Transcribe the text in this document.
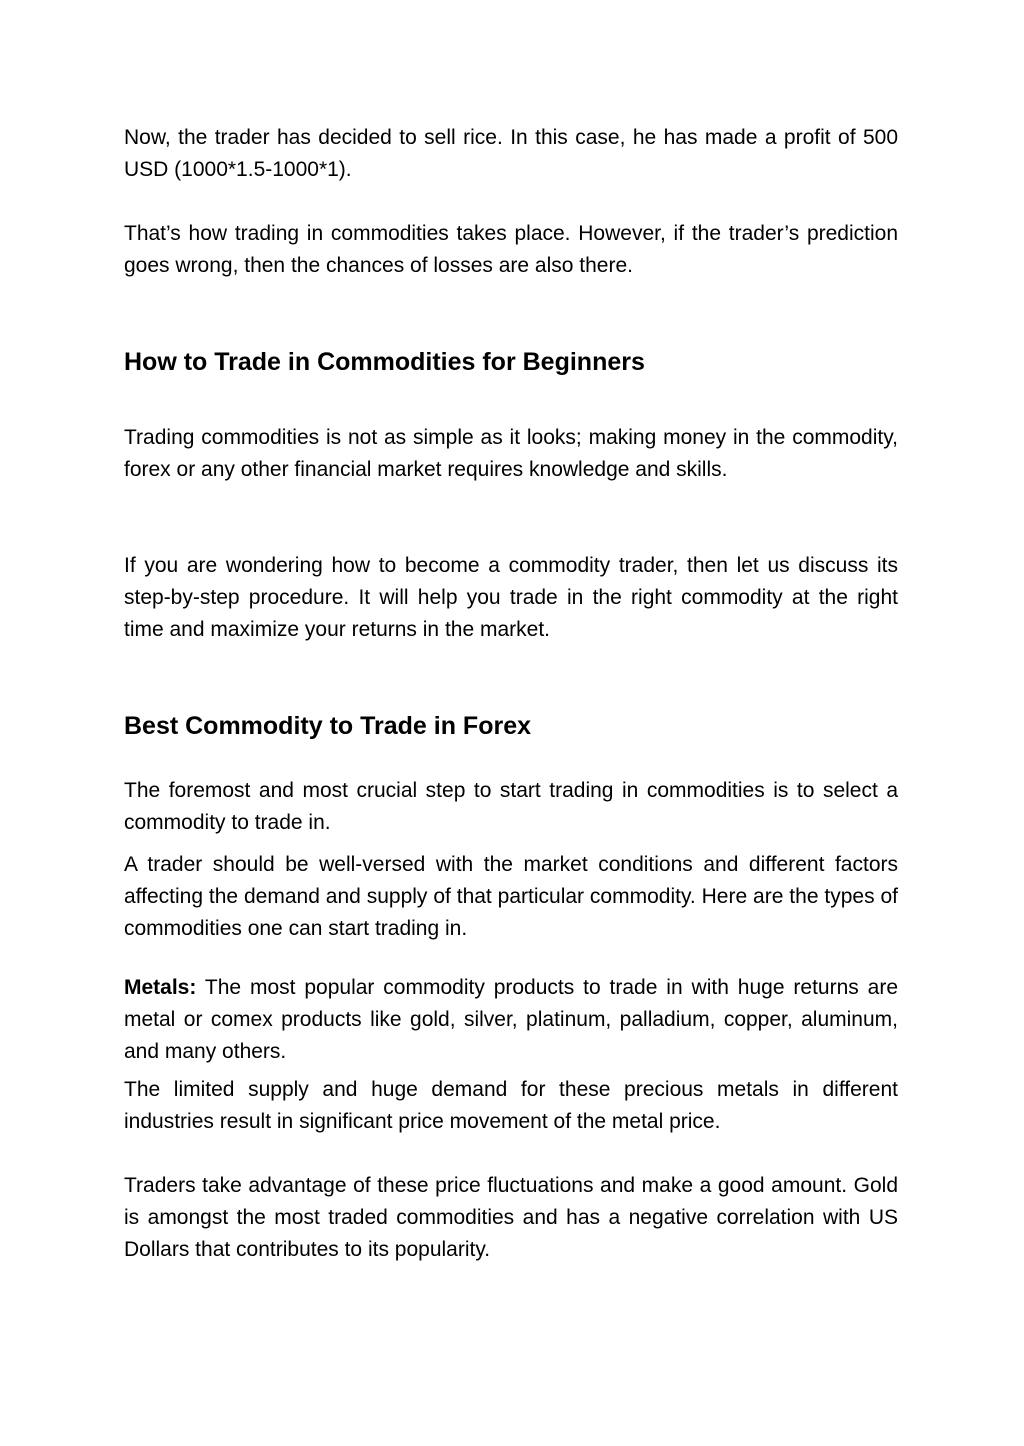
Now, the trader has decided to sell rice. In this case, he has made a profit of 500 USD (1000*1.5-1000*1).

That’s how trading in commodities takes place. However, if the trader’s prediction goes wrong, then the chances of losses are also there.

How to Trade in Commodities for Beginners

Trading commodities is not as simple as it looks; making money in the commodity, forex or any other financial market requires knowledge and skills.

If you are wondering how to become a commodity trader, then let us discuss its step-by-step procedure. It will help you trade in the right commodity at the right time and maximize your returns in the market.

Best Commodity to Trade in Forex

The foremost and most crucial step to start trading in commodities is to select a commodity to trade in.

A trader should be well-versed with the market conditions and different factors affecting the demand and supply of that particular commodity. Here are the types of commodities one can start trading in.

Metals: The most popular commodity products to trade in with huge returns are metal or comex products like gold, silver, platinum, palladium, copper, aluminum, and many others.

The limited supply and huge demand for these precious metals in different industries result in significant price movement of the metal price.

Traders take advantage of these price fluctuations and make a good amount. Gold is amongst the most traded commodities and has a negative correlation with US Dollars that contributes to its popularity.
